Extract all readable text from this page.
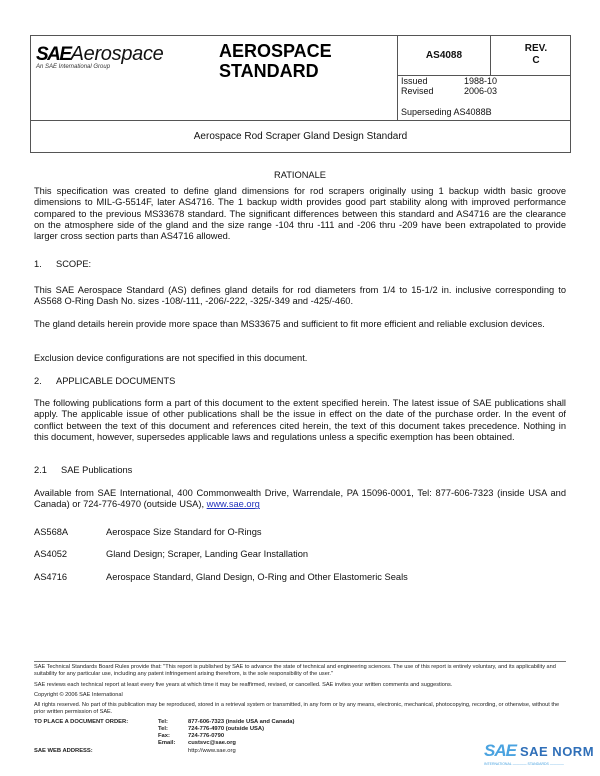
SAEAerospace
An SAE International Group
AEROSPACE
STANDARD
AS4088
REV.
C
Issued	1988-10
Revised	2006-03
Superseding AS4088B
Aerospace Rod Scraper Gland Design Standard
RATIONALE
This specification was created to define gland dimensions for rod scrapers originally using 1 backup width basic groove dimensions to MIL-G-5514F, later AS4716. The 1 backup width provides good part stability along with improved performance compared to the previous MS33678 standard. The significant differences between this standard and AS4716 are the clearance on the atmosphere side of the gland and the size range -104 thru -111 and -206 thru -209 have been extrapolated to provide larger cross section parts than AS4716 allowed.
1.	SCOPE:
This SAE Aerospace Standard (AS) defines gland details for rod diameters from 1/4 to 15-1/2 in. inclusive corresponding to AS568 O-Ring Dash No. sizes -108/-111, -206/-222, -325/-349 and -425/-460.
The gland details herein provide more space than MS33675 and sufficient to fit more efficient and reliable exclusion devices.
Exclusion device configurations are not specified in this document.
2.	APPLICABLE DOCUMENTS
The following publications form a part of this document to the extent specified herein. The latest issue of SAE publications shall apply. The applicable issue of other publications shall be the issue in effect on the date of the purchase order. In the event of conflict between the text of this document and references cited herein, the text of this document takes precedence. Nothing in this document, however, supersedes applicable laws and regulations unless a specific exemption has been obtained.
2.1	SAE Publications
Available from SAE International, 400 Commonwealth Drive, Warrendale, PA 15096-0001, Tel: 877-606-7323 (inside USA and Canada) or 724-776-4970 (outside USA), www.sae.org
AS568A	Aerospace Size Standard for O-Rings
AS4052	Gland Design; Scraper, Landing Gear Installation
AS4716	Aerospace Standard, Gland Design, O-Ring and Other Elastomeric Seals
SAE Technical Standards Board Rules provide that: "This report is published by SAE to advance the state of technical and engineering sciences. The use of this report is entirely voluntary, and its applicability and suitability for any particular use, including any patent infringement arising therefrom, is the sole responsibility of the user."
SAE reviews each technical report at least every five years at which time it may be reaffirmed, revised, or cancelled. SAE invites your written comments and suggestions.
Copyright © 2006 SAE International
All rights reserved. No part of this publication may be reproduced, stored in a retrieval system or transmitted, in any form or by any means, electronic, mechanical, photocopying, recording, or otherwise, without the prior written permission of SAE.
TO PLACE A DOCUMENT ORDER:	Tel:	877-606-7323 (inside USA and Canada)
Tel:	724-776-4970 (outside USA)
Fax:	724-776-0790
Email:	custsvc@sae.org
SAE WEB ADDRESS:	http://www.sae.org	SAE SAE NORM
INTERNATIONAL ———— STANDARDS ————
